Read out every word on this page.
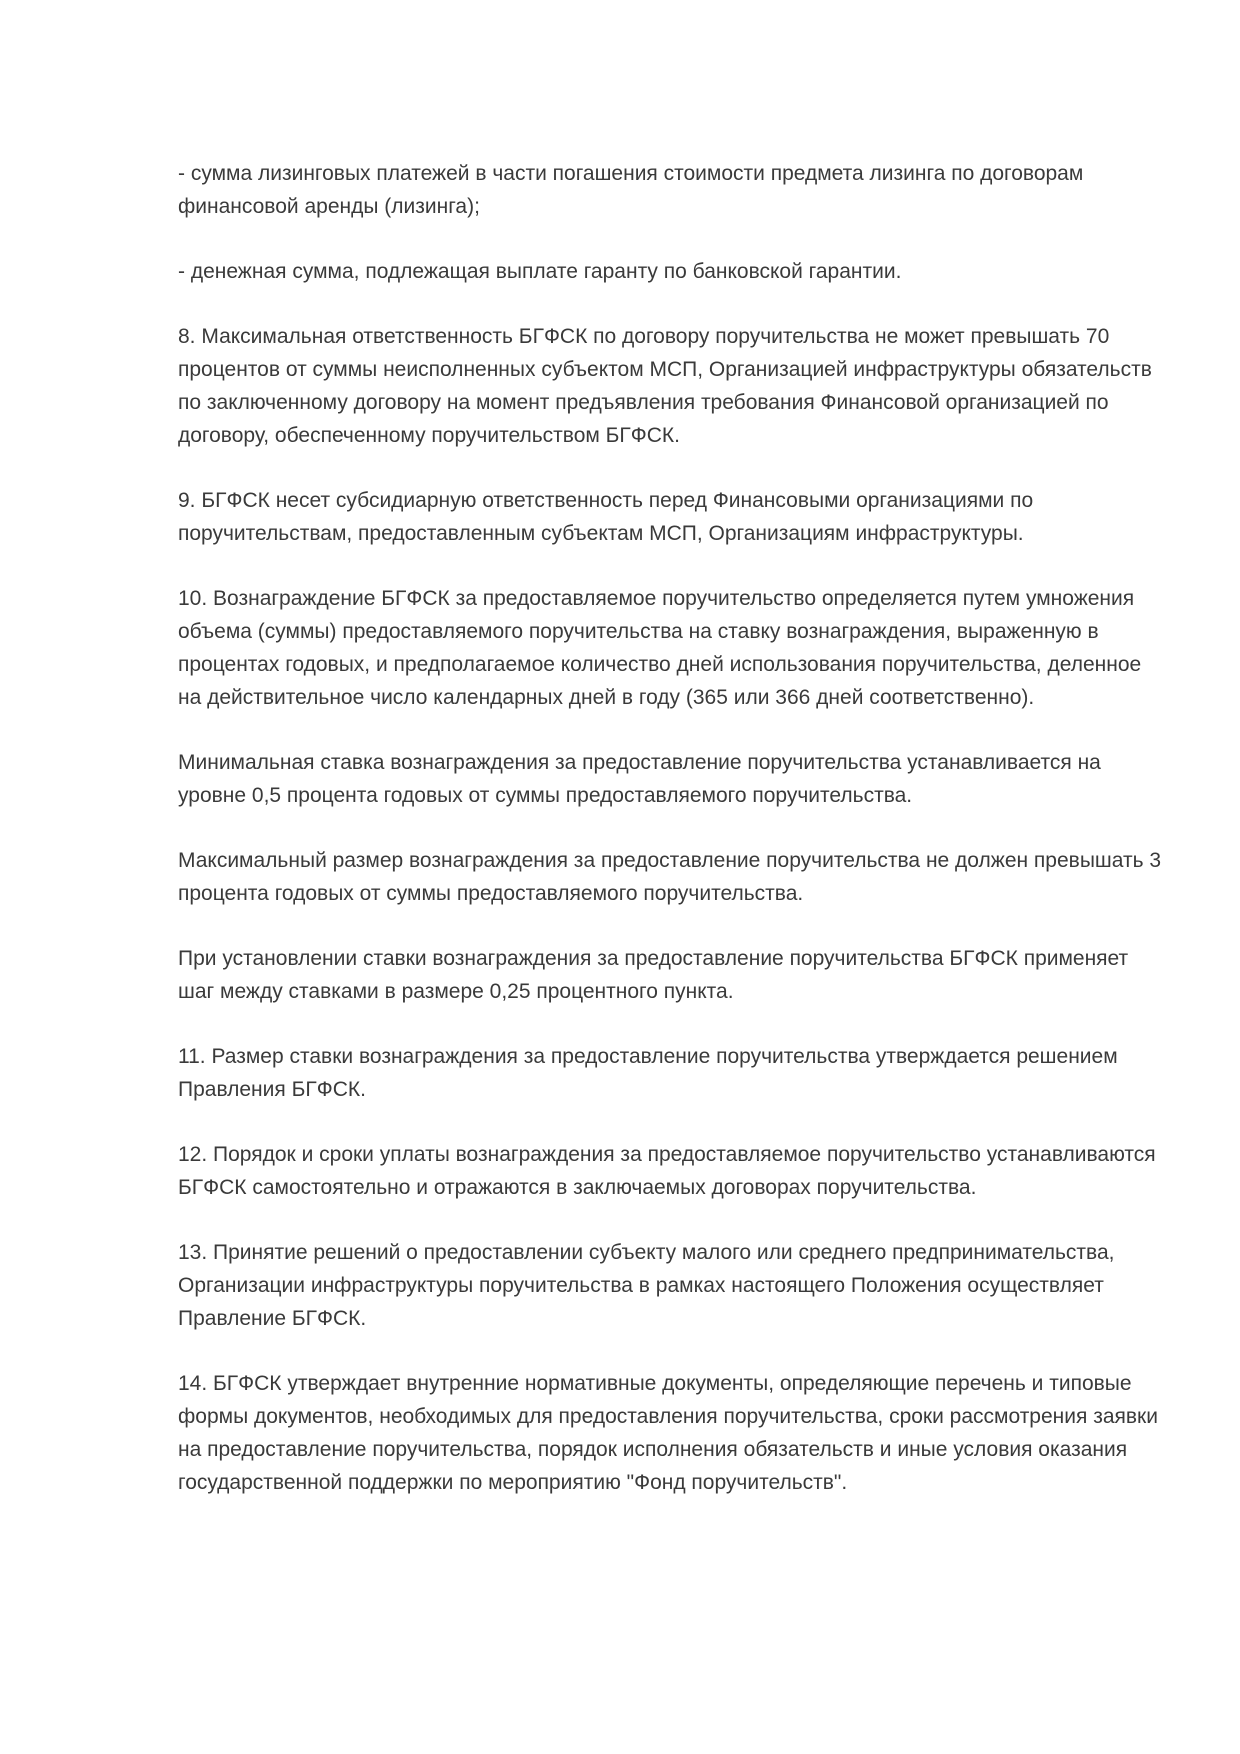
- сумма лизинговых платежей в части погашения стоимости предмета лизинга по договорам финансовой аренды (лизинга);

- денежная сумма, подлежащая выплате гаранту по банковской гарантии.

8. Максимальная ответственность БГФСК по договору поручительства не может превышать 70 процентов от суммы неисполненных субъектом МСП, Организацией инфраструктуры обязательств по заключенному договору на момент предъявления требования Финансовой организацией по договору, обеспеченному поручительством БГФСК.

9. БГФСК несет субсидиарную ответственность перед Финансовыми организациями по поручительствам, предоставленным субъектам МСП, Организациям инфраструктуры.

10. Вознаграждение БГФСК за предоставляемое поручительство определяется путем умножения объема (суммы) предоставляемого поручительства на ставку вознаграждения, выраженную в процентах годовых, и предполагаемое количество дней использования поручительства, деленное на действительное число календарных дней в году (365 или 366 дней соответственно).

Минимальная ставка вознаграждения за предоставление поручительства устанавливается на уровне 0,5 процента годовых от суммы предоставляемого поручительства.

Максимальный размер вознаграждения за предоставление поручительства не должен превышать 3 процента годовых от суммы предоставляемого поручительства.

При установлении ставки вознаграждения за предоставление поручительства БГФСК применяет шаг между ставками в размере 0,25 процентного пункта.

11. Размер ставки вознаграждения за предоставление поручительства утверждается решением Правления БГФСК.

12. Порядок и сроки уплаты вознаграждения за предоставляемое поручительство устанавливаются БГФСК самостоятельно и отражаются в заключаемых договорах поручительства.

13. Принятие решений о предоставлении субъекту малого или среднего предпринимательства, Организации инфраструктуры поручительства в рамках настоящего Положения осуществляет Правление БГФСК.

14. БГФСК утверждает внутренние нормативные документы, определяющие перечень и типовые формы документов, необходимых для предоставления поручительства, сроки рассмотрения заявки на предоставление поручительства, порядок исполнения обязательств и иные условия оказания государственной поддержки по мероприятию "Фонд поручительств".
